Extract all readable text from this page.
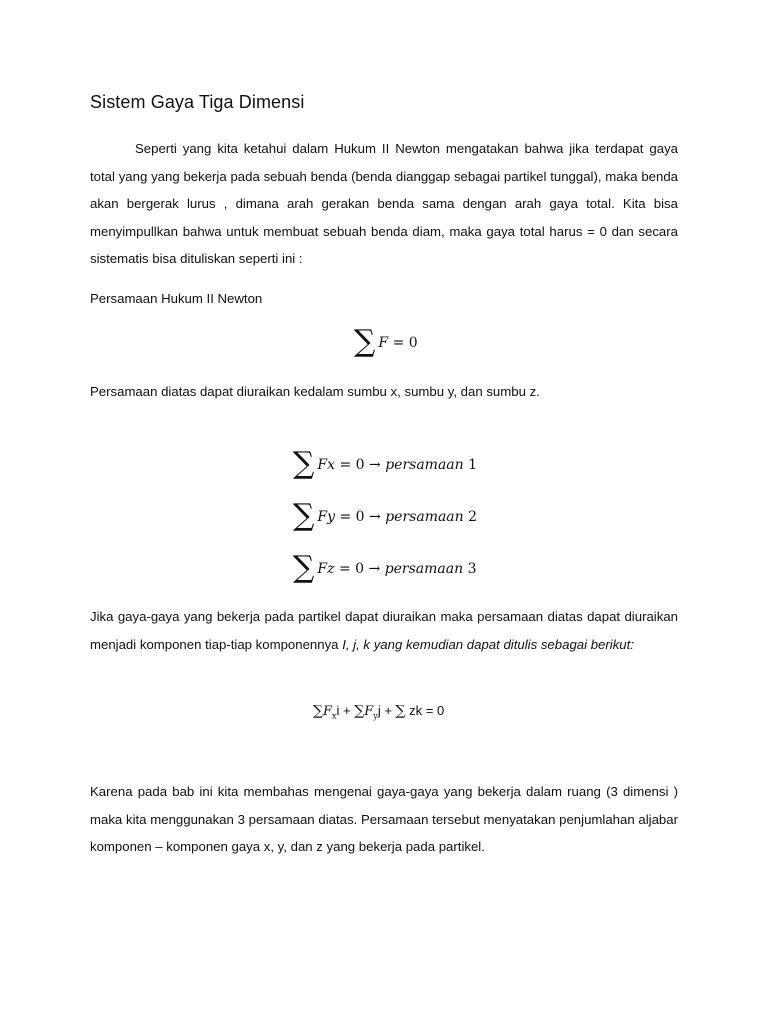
Sistem Gaya Tiga Dimensi

Seperti yang kita ketahui dalam Hukum II Newton mengatakan bahwa jika terdapat gaya total yang yang bekerja pada sebuah benda (benda dianggap sebagai partikel tunggal), maka benda akan bergerak lurus , dimana arah gerakan benda sama dengan arah gaya total. Kita bisa menyimpullkan bahwa untuk membuat sebuah benda diam, maka gaya total harus = 0 dan secara sistematis bisa dituliskan seperti ini :

Persamaan Hukum II Newton

∑ F = 0

Persamaan diatas dapat diuraikan kedalam sumbu x, sumbu y, dan sumbu z.

∑ Fx = 0 → persamaan 1
∑ Fy = 0 → persamaan 2
∑ Fz = 0 → persamaan 3

Jika gaya-gaya yang bekerja pada partikel dapat diuraikan maka persamaan diatas dapat diuraikan menjadi komponen tiap-tiap komponennya I, j, k yang kemudian dapat ditulis sebagai berikut:

$\sum F_xi + \sum F_yj$ + ∑ zk = 0

Karena pada bab ini kita membahas mengenai gaya-gaya yang bekerja dalam ruang (3 dimensi ) maka kita menggunakan 3 persamaan diatas. Persamaan tersebut menyatakan penjumlahan aljabar komponen – komponen gaya x, y, dan z yang bekerja pada partikel.
